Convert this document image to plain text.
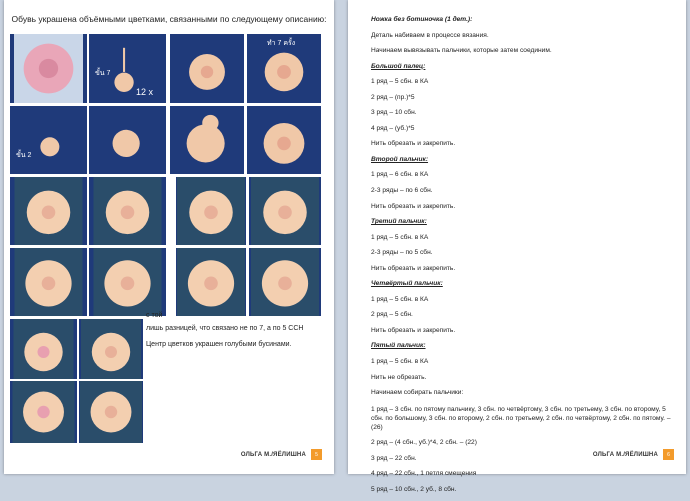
Обувь украшена объёмными цветками, связанными по следующему описанию:
ขั้น 7
12 x
ทำ 7 ครั้ง
ขั้น 2
с той
лишь разницей, что связано не по 7, а по 5 ССН
Центр цветков украшен голубыми бусинами.
ОЛЬГА М./ЯЁЛИШНА	5

Ножка без ботиночка (1 дет.):

Деталь набиваем в процессе вязания.

Начинаем вывязывать пальчики, которые затем соединим.

Большой палец:

1 ряд – 5 сбн. в КА

2 ряд – (пр.)*5

3 ряд – 10 сбн.

4 ряд – (уб.)*5

Нить обрезать и закрепить.

Второй пальчик:

1 ряд – 6 сбн. в КА

2-3 ряды – по 6 сбн.

Нить обрезать и закрепить.

Третий пальчик:

1 ряд – 5 сбн. в КА

2-3 ряды – по 5 сбн.

Нить обрезать и закрепить.

Четвёртый пальчик:

1 ряд – 5 сбн. в КА

2 ряд – 5 сбн.

Нить обрезать и закрепить.

Пятый пальчик:

1 ряд – 5 сбн. в КА

Нить не обрезать.

Начинаем собирать пальчики:

1 ряд – 3 сбн. по пятому пальчику, 3 сбн. по четвёртому, 3 сбн. по третьему, 3 сбн. по второму, 5 сбн. по большому, 3 сбн. по второму, 2 сбн. по третьему, 2 сбн. по четвёртому, 2 сбн. по пятому. – (26)

2 ряд – (4 сбн., уб.)*4, 2 сбн. – (22)

3 ряд – 22 сбн.

4 ряд – 22 сбн., 1 петля смещения

5 ряд – 10 сбн., 2 уб., 8 сбн.

ОЛЬГА М./ЯЁЛИШНА	6
